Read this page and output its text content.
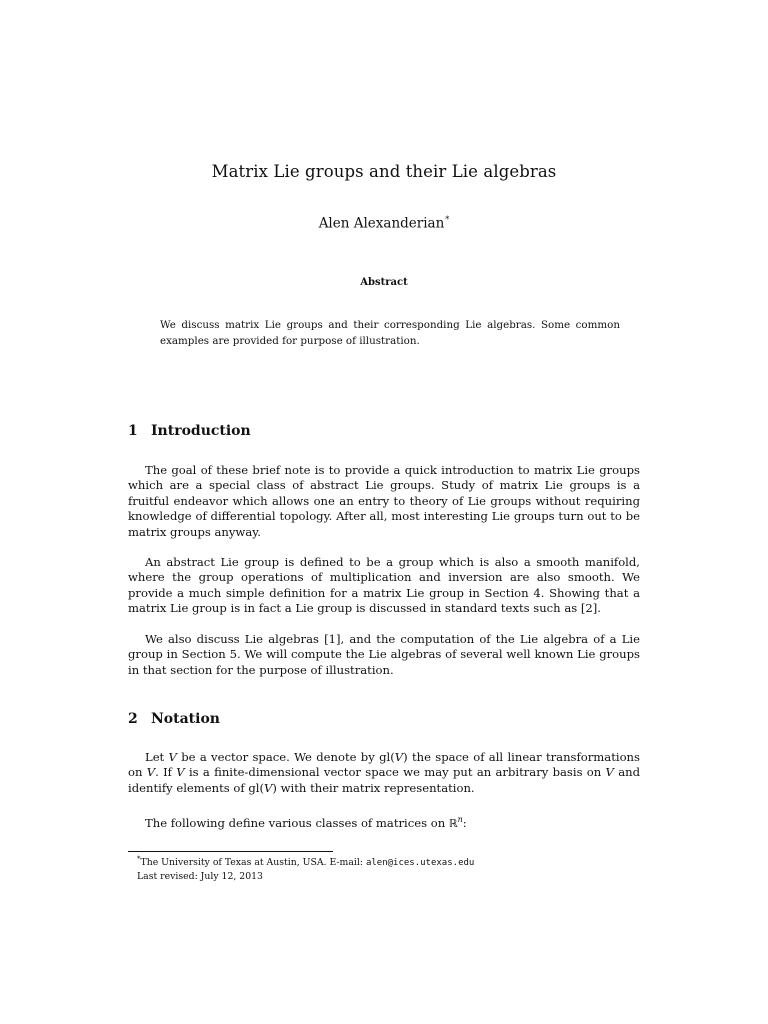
Matrix Lie groups and their Lie algebras
Alen Alexanderian*
Abstract
We discuss matrix Lie groups and their corresponding Lie algebras. Some common examples are provided for purpose of illustration.
1 Introduction
The goal of these brief note is to provide a quick introduction to matrix Lie groups which are a special class of abstract Lie groups. Study of matrix Lie groups is a fruitful endeavor which allows one an entry to theory of Lie groups without requiring knowledge of differential topology. After all, most interesting Lie groups turn out to be matrix groups anyway.
An abstract Lie group is defined to be a group which is also a smooth manifold, where the group operations of multiplication and inversion are also smooth. We provide a much simple definition for a matrix Lie group in Section 4. Showing that a matrix Lie group is in fact a Lie group is discussed in standard texts such as [2].
We also discuss Lie algebras [1], and the computation of the Lie algebra of a Lie group in Section 5. We will compute the Lie algebras of several well known Lie groups in that section for the purpose of illustration.
2 Notation
Let V be a vector space. We denote by gl(V) the space of all linear transformations on V. If V is a finite-dimensional vector space we may put an arbitrary basis on V and identify elements of gl(V) with their matrix representation.
The following define various classes of matrices on ℝ$^n$:
*The University of Texas at Austin, USA. E-mail: alen@ices.utexas.edu
Last revised: July 12, 2013
